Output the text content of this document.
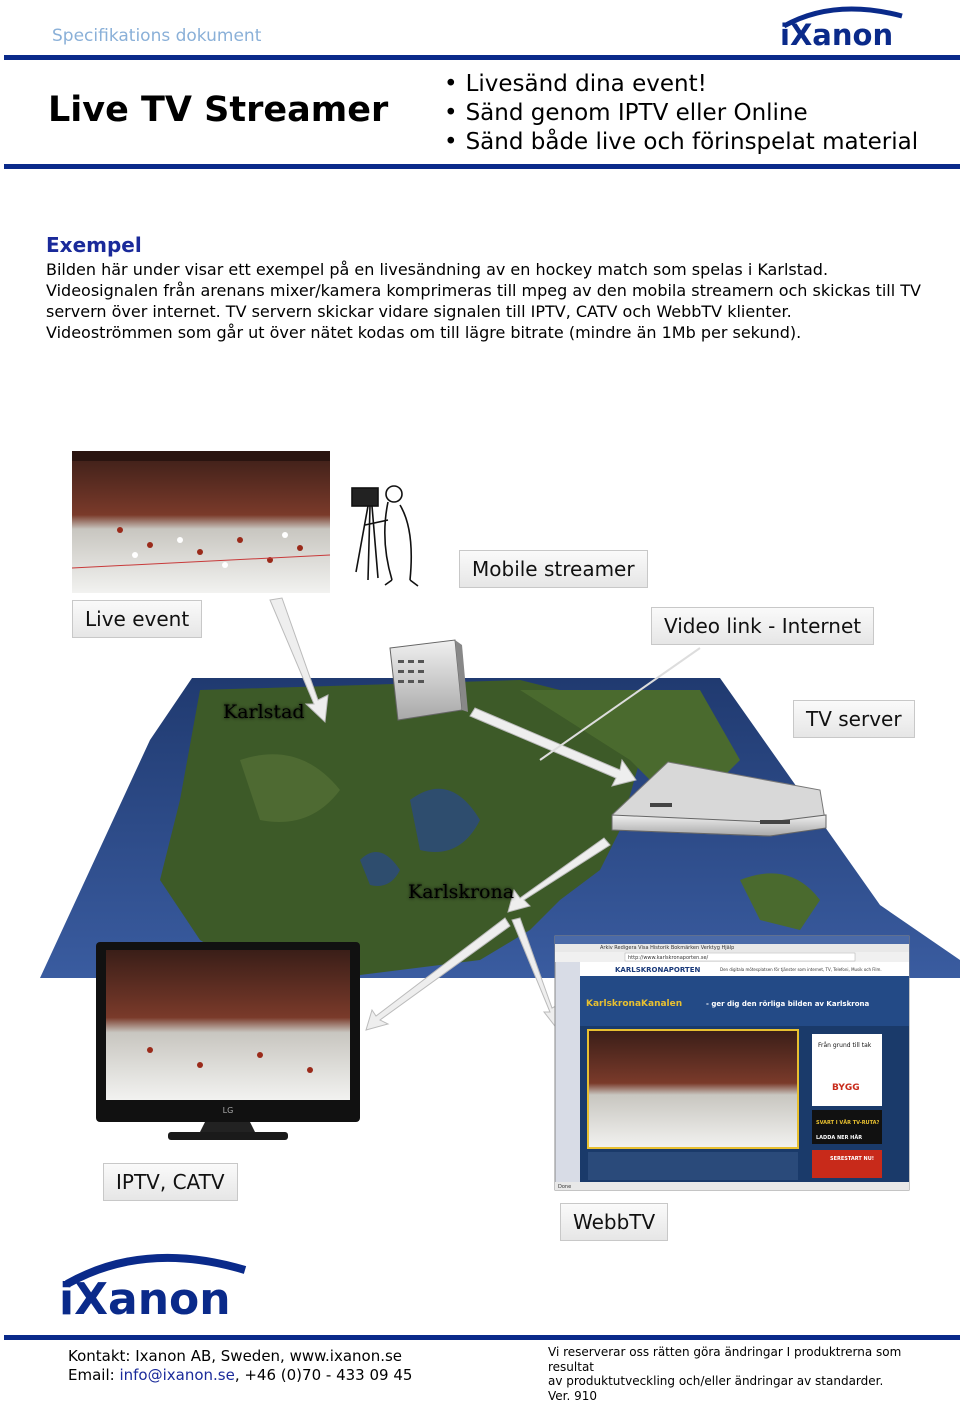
Specifikations dokument	iXanon
Live TV Streamer
• Livesänd dina event!
• Sänd genom IPTV eller Online
• Sänd både live och förinspelat material
Exempel

Bilden här under visar ett exempel på en livesändning av en hockey match som spelas i Karlstad.

Videosignalen från arenans mixer/kamera komprimeras till mpeg av den mobila streamern och skickas till TV servern över internet. TV servern skickar vidare signalen till IPTV, CATV och WebbTV klienter.

Videoströmmen som går ut över nätet kodas om till lägre bitrate (mindre än 1Mb per sekund).

LG
Arkiv Redigera Visa Historik Bokmärken Verktyg Hjälp
http://www.karlskronaporten.se/
KARLSKRONAPORTEN	Den digitala mötesplatsen för tjänster som internet, TV, Telefoni, Musik och Film.
KarlskronaKanalen	- ger dig den rörliga bilden av Karlskrona
Från grund till tak
BYGG
SVART I VÅR TV-RUTA?
LADDA NER HÄR
SERESTART NU!
Done
Karlstad
Karlskrona
Live event
Mobile streamer
Video link - Internet
TV server
IPTV, CATV
WebbTV
iXanon
Kontakt: Ixanon AB, Sweden, www.ixanon.se
Email: info@ixanon.se, +46 (0)70 - 433 09 45
Vi reserverar oss rätten göra ändringar I produktrerna som resultat
av produktutveckling och/eller ändringar av standarder.
Ver. 910
